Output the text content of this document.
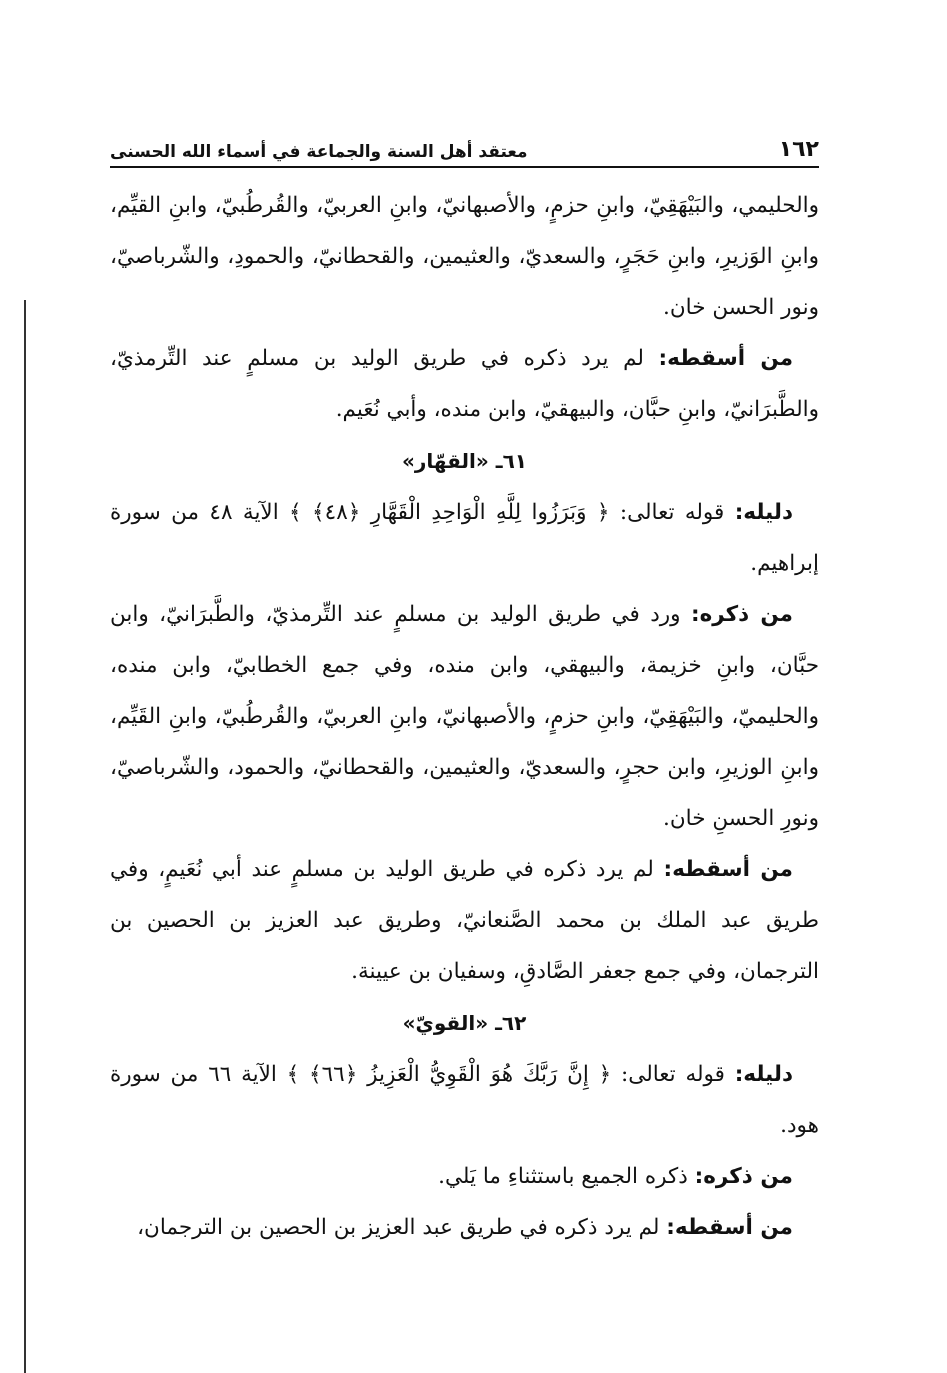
١٦٢
معتقد أهل السنة والجماعة في أسماء الله الحسنى

والحليمي، والبَيْهَقِيّ، وابنِ حزمٍ، والأصبهانيّ، وابنِ العربيّ، والقُرطُبيّ، وابنِ القيِّم، وابنِ الوَزيرِ، وابنِ حَجَرٍ، والسعديّ، والعثيمين، والقحطانيّ، والحمودِ، والشّرباصيّ، ونور الحسن خان.

من أسقطه: لم يرد ذكره في طريق الوليد بن مسلمٍ عند التِّرمذيّ، والطَّبرَانيّ، وابنِ حبَّان، والبيهقيّ، وابن منده، وأبي نُعَيم.

٦١ـ «القهّار»

دليله: قوله تعالى: ﴿ وَبَرَزُوا لِلَّهِ الْوَاحِدِ الْقَهَّارِ ﴿٤٨﴾ ﴾ الآية ٤٨ من سورة إبراهيم.

من ذكره: ورد في طريق الوليد بن مسلمٍ عند التِّرمذيّ، والطَّبرَانيّ، وابن حبَّان، وابنِ خزيمة، والبيهقي، وابن منده، وفي جمع الخطابيّ، وابن منده، والحليميّ، والبَيْهَقِيّ، وابنِ حزمٍ، والأصبهانيّ، وابنِ العربيّ، والقُرطُبيّ، وابنِ القَيِّم، وابنِ الوزيرِ، وابن حجرٍ، والسعديّ، والعثيمين، والقحطانيّ، والحمود، والشّرباصيّ، ونورِ الحسنِ خان.

من أسقطه: لم يرد ذكره في طريق الوليد بن مسلمٍ عند أبي نُعَيمٍ، وفي طريق عبد الملك بن محمد الصَّنعانيّ، وطريق عبد العزيز بن الحصين بن الترجمان، وفي جمع جعفر الصَّادقِ، وسفيان بن عيينة.

٦٢ـ «القويّ»

دليله: قوله تعالى: ﴿ إِنَّ رَبَّكَ هُوَ الْقَوِيُّ الْعَزِيزُ ﴿٦٦﴾ ﴾ الآية ٦٦ من سورة هود.

من ذكره: ذكره الجميع باستثناءِ ما يَلي.

من أسقطه: لم يرد ذكره في طريق عبد العزيز بن الحصين بن الترجمان،
